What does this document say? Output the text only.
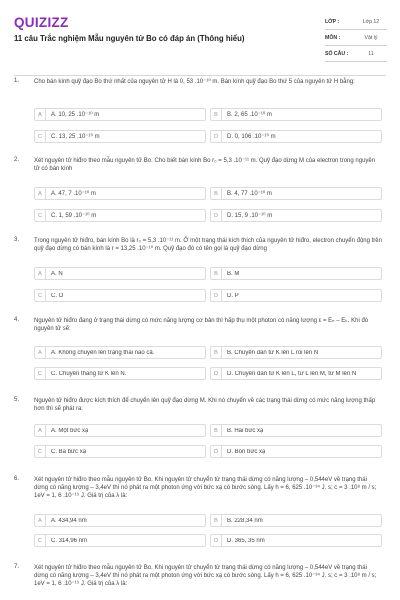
QUIZIZZ
11 câu Trắc nghiệm Mẫu nguyên tử Bo có đáp án (Thông hiểu)
LỚP :	Lớp 12
MÔN :	Vật lý
SỐ CÂU :	11
1. Cho bán kính quỹ đạo Bo thứ nhất của nguyên tử H là 0, 53 .10⁻¹⁰ m. Bán kính quỹ đạo Bo thứ 5 của nguyên tử H bằng:
A	A. 10, 25 .10⁻¹⁰ m	B	B. 2, 65 .10⁻¹⁰ m
C	C. 13, 25 .10⁻¹⁰ m	D	D. 0, 106 .10⁻¹⁰ m
2. Xét nguyên tử hiđro theo mẫu nguyên tử Bo. Cho biết bán kính Bo r₀ = 5,3 .10⁻¹¹ m. Quỹ đạo dừng M của electron trong nguyên tử có bán kính
A	A. 47, 7 .10⁻¹⁰ m	B	B. 4, 77 .10⁻¹⁰ m
C	C. 1, 59 .10⁻¹⁰ m	D	D. 15, 9 .10⁻¹⁰ m
3. Trong nguyên tử hiđro, bán kính Bo là r₀ = 5,3 .10⁻¹¹ m. Ở một trạng thái kích thích của nguyên tử hiđro, electron chuyển động trên quỹ đạo dừng có bán kính là r = 13,25 .10⁻¹⁰ m. Quỹ đạo đó có tên gọi là quỹ đạo dừng
A	A. N	B	B. M
C	C. O	D	D. P
4. Nguyên tử hiđro đang ở trạng thái dừng có mức năng lượng cơ bản thì hấp thụ một photon có năng lượng ε = Eₙ – Eₖ. Khi đó nguyên tử sẽ:
A	A. Không chuyển lên trạng thái nào cả.	B	B. Chuyển dần từ K lên L rồi lên N
C	C. Chuyển thẳng từ K lên N.	D	D. Chuyển dần từ K lên L, từ L lên M, từ M lên N
5. Nguyên tử hiđro được kích thích để chuyển lên quỹ đạo dừng M. Khi nó chuyển về các trạng thái dừng có mức năng lượng thấp hơn thì sẽ phát ra:
A	A. Một bức xạ	B	B. Hai bức xạ
C	C. Ba bức xạ	D	D. Bốn bức xạ
6. Xét nguyên tử hiđro theo mẫu nguyên tử Bo. Khi nguyên tử chuyển từ trạng thái dừng có năng lượng – 0,544eV về trạng thái dừng có năng lượng – 3,4eV thì nó phát ra một photon ứng với bức xạ có bước sóng. Lấy h = 6, 625 .10⁻³⁴ J. s; c = 3 .10⁸ m / s; 1eV = 1, 6 .10⁻¹⁹ J. Giá trị của λ là:
A	A. 434,94 nm	B	B. 228,34 nm
C	C. 314,96 nm	D	D. 365, 35 nm
7. Xét nguyên tử hiđro theo mẫu nguyên tử Bo. Khi nguyên tử chuyển từ trạng thái dừng có năng lượng – 0,544eV về trạng thái dừng có năng lượng – 3,4eV thì nó phát ra một photon ứng với bức xạ có bước sóng. Lấy h = 6, 625 .10⁻³⁴ J. s; c = 3 .10⁸ m / s; 1eV = 1, 6 .10⁻¹⁹ J. Giá trị của λ là:
